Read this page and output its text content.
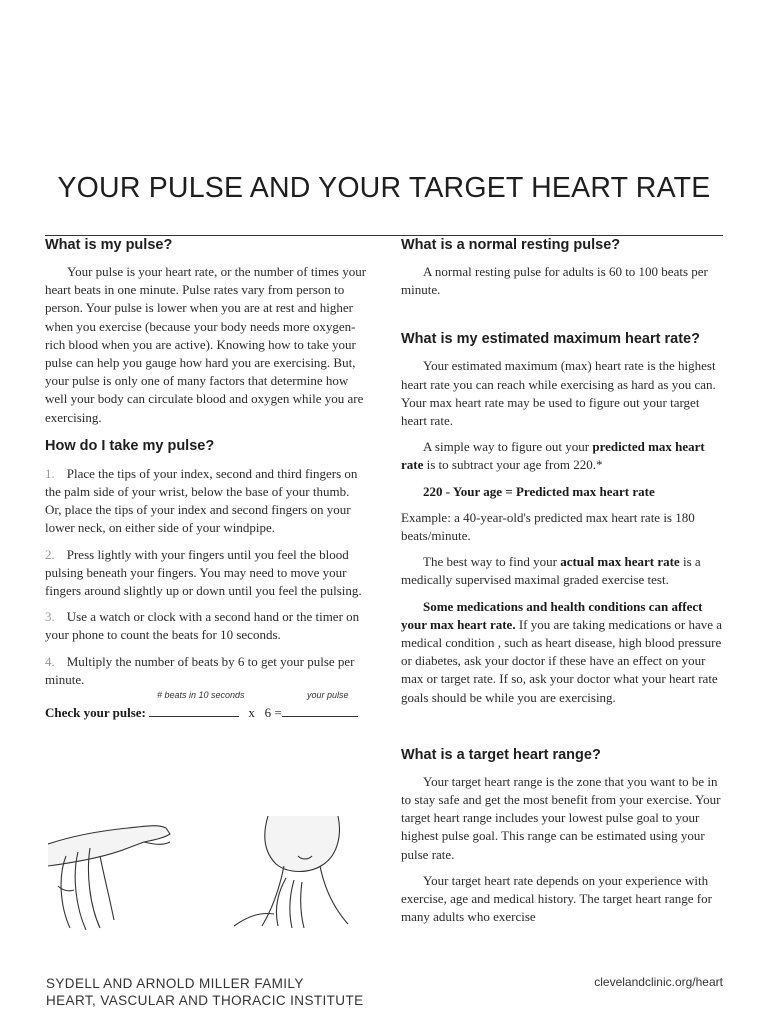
YOUR PULSE AND YOUR TARGET HEART RATE
What is my pulse?

Your pulse is your heart rate, or the number of times your heart beats in one minute. Pulse rates vary from person to person. Your pulse is lower when you are at rest and higher when you exercise (because your body needs more oxygen-rich blood when you are active). Knowing how to take your pulse can help you gauge how hard you are exercising. But, your pulse is only one of many factors that determine how well your body can circulate blood and oxygen while you are exercising.

How do I take my pulse?

1. Place the tips of your index, second and third fingers on the palm side of your wrist, below the base of your thumb. Or, place the tips of your index and second fingers on your lower neck, on either side of your windpipe.

2. Press lightly with your fingers until you feel the blood pulsing beneath your fingers. You may need to move your fingers around slightly up or down until you feel the pulsing.

3. Use a watch or clock with a second hand or the timer on your phone to count the beats for 10 seconds.

4. Multiply the number of beats by 6 to get your pulse per minute.

# beats in 10 seconds	your pulse
Check your pulse:	x   6 =
What is a normal resting pulse?

A normal resting pulse for adults is 60 to 100 beats per minute.

What is my estimated maximum heart rate?

Your estimated maximum (max) heart rate is the highest heart rate you can reach while exercising as hard as you can. Your max heart rate may be used to figure out your target heart rate.

A simple way to figure out your predicted max heart rate is to subtract your age from 220.*

220 - Your age = Predicted max heart rate

Example: a 40-year-old's predicted max heart rate is 180 beats/minute.

The best way to find your actual max heart rate is a medically supervised maximal graded exercise test.

Some medications and health conditions can affect your max heart rate. If you are taking medications or have a medical condition , such as heart disease, high blood pressure or diabetes, ask your doctor if these have an effect on your max or target rate. If so, ask your doctor what your heart rate goals should be while you are exercising.

What is a target heart range?

Your target heart range is the zone that you want to be in to stay safe and get the most benefit from your exercise. Your target heart range includes your lowest pulse goal to your highest pulse goal. This range can be estimated using your pulse rate.

Your target heart rate depends on your experience with exercise, age and medical history. The target heart range for many adults who exercise

SYDELL AND ARNOLD MILLER FAMILY
HEART, VASCULAR AND THORACIC INSTITUTE
clevelandclinic.org/heart
